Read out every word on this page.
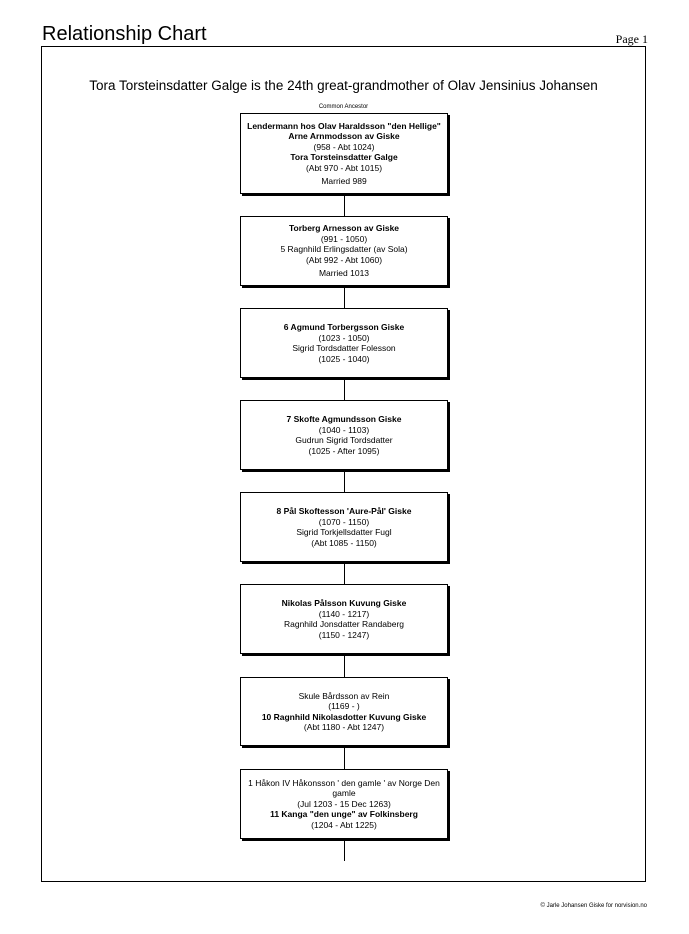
Relationship Chart	Page 1
Tora Torsteinsdatter Galge is the 24th great-grandmother of Olav Jensinius Johansen
Common Ancestor
Lendermann hos Olav Haraldsson "den Hellige" Arne Arnmodsson av Giske
(958 - Abt 1024)
Tora Torsteinsdatter Galge
(Abt 970 - Abt 1015)
Married 989
Torberg Arnesson av Giske
(991 - 1050)
5 Ragnhild Erlingsdatter (av Sola)
(Abt 992 - Abt 1060)
Married 1013
6 Agmund Torbergsson Giske
(1023 - 1050)
Sigrid Tordsdatter Folesson
(1025 - 1040)
7 Skofte Agmundsson Giske
(1040 - 1103)
Gudrun Sigrid Tordsdatter
(1025 - After 1095)
8 Pål Skoftesson 'Aure-Pål' Giske
(1070 - 1150)
Sigrid Torkjellsdatter Fugl
(Abt 1085 - 1150)
Nikolas Pålsson Kuvung Giske
(1140 - 1217)
Ragnhild Jonsdatter Randaberg
(1150 - 1247)
Skule Bårdsson av Rein
(1169 - )
10 Ragnhild Nikolasdotter Kuvung Giske
(Abt 1180 - Abt 1247)
1 Håkon IV Håkonsson ' den gamle ' av Norge Den gamle
(Jul 1203 - 15 Dec 1263)
11 Kanga "den unge" av Folkinsberg
(1204 - Abt 1225)
© Jarle Johansen Giske for norvision.no
